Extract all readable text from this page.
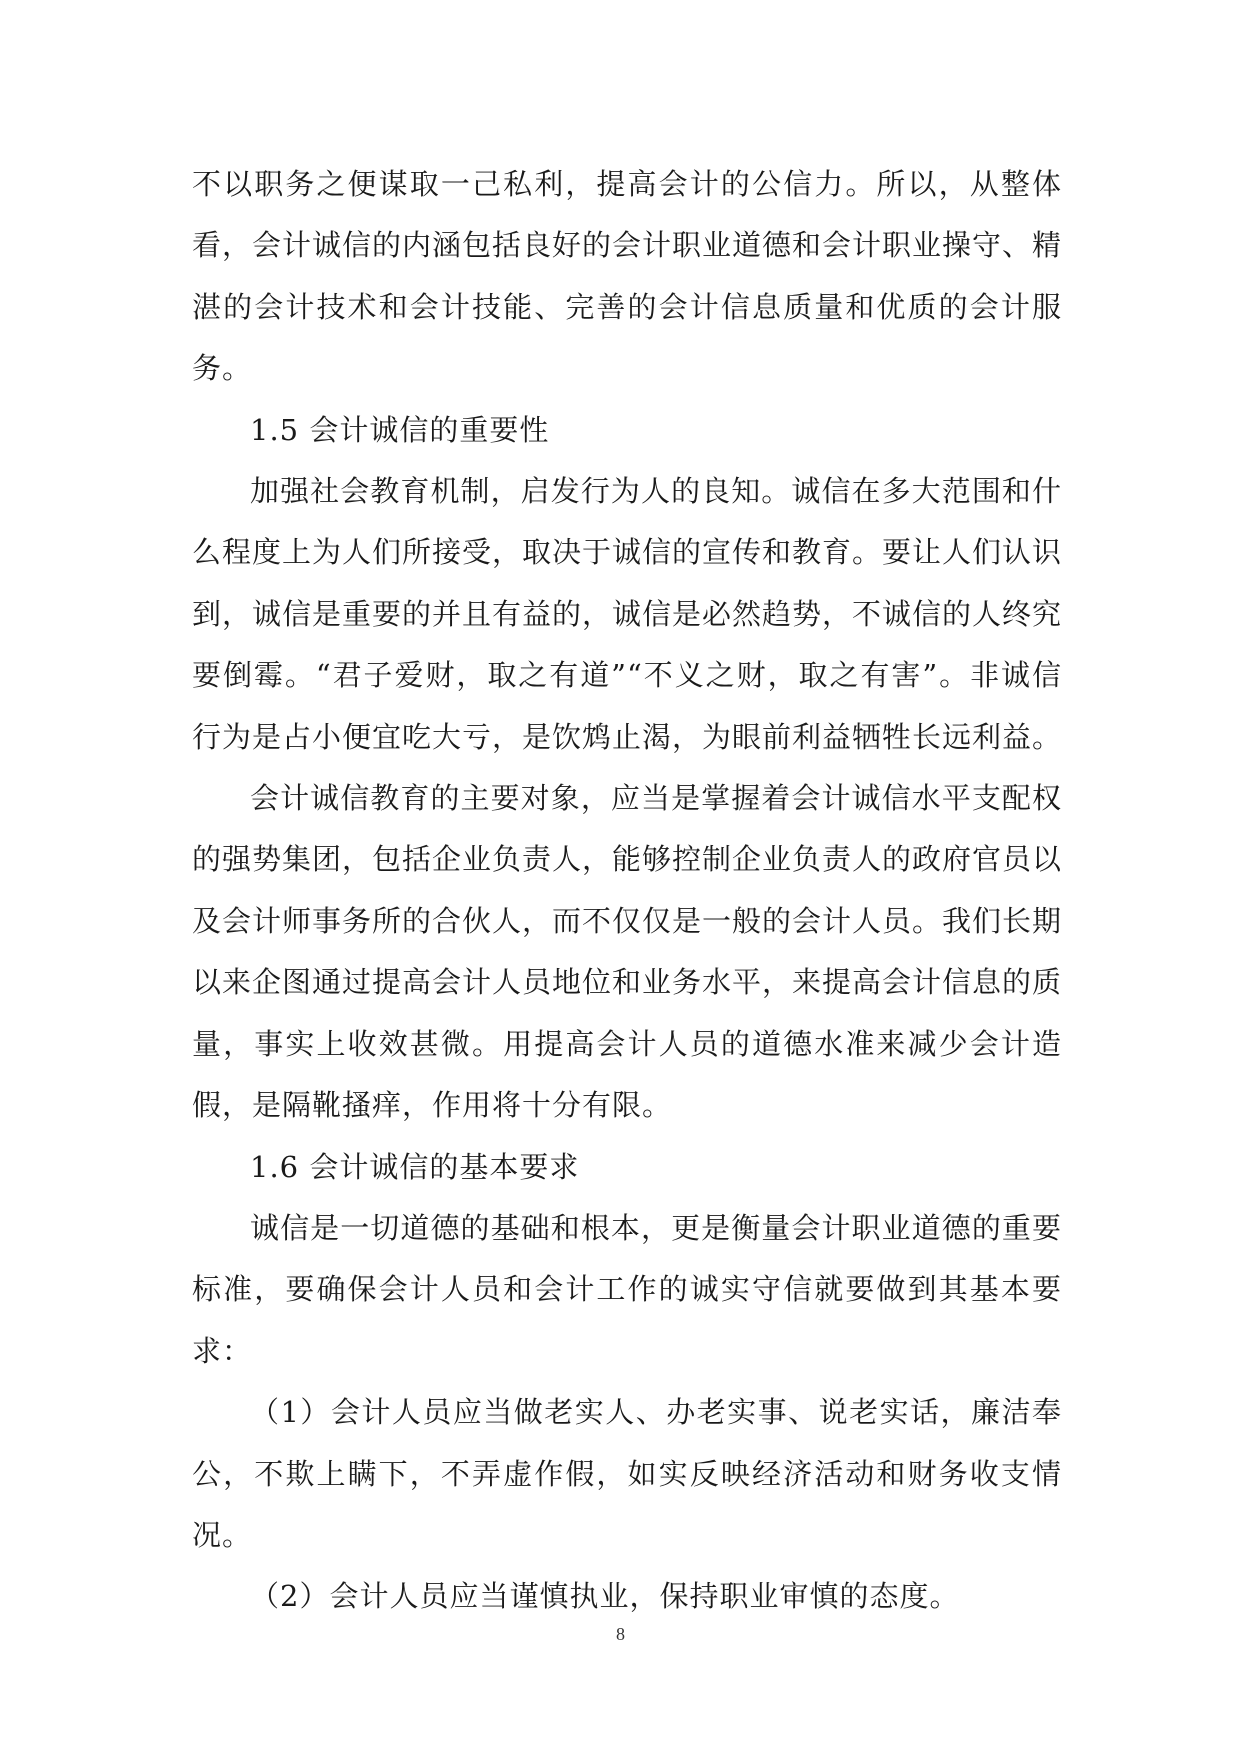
不以职务之便谋取一己私利，提高会计的公信力。所以，从整体看，会计诚信的内涵包括良好的会计职业道德和会计职业操守、精湛的会计技术和会计技能、完善的会计信息质量和优质的会计服务。

1.5 会计诚信的重要性

加强社会教育机制，启发行为人的良知。诚信在多大范围和什么程度上为人们所接受，取决于诚信的宣传和教育。要让人们认识到，诚信是重要的并且有益的，诚信是必然趋势，不诚信的人终究要倒霉。“君子爱财，取之有道”“不义之财，取之有害”。非诚信行为是占小便宜吃大亏，是饮鸩止渴，为眼前利益牺牲长远利益。

会计诚信教育的主要对象，应当是掌握着会计诚信水平支配权的强势集团，包括企业负责人，能够控制企业负责人的政府官员以及会计师事务所的合伙人，而不仅仅是一般的会计人员。我们长期以来企图通过提高会计人员地位和业务水平，来提高会计信息的质量，事实上收效甚微。用提高会计人员的道德水准来减少会计造假，是隔靴搔痒，作用将十分有限。

1.6 会计诚信的基本要求

诚信是一切道德的基础和根本，更是衡量会计职业道德的重要标准，要确保会计人员和会计工作的诚实守信就要做到其基本要求：

（1）会计人员应当做老实人、办老实事、说老实话，廉洁奉公，不欺上瞒下，不弄虚作假，如实反映经济活动和财务收支情况。

（2）会计人员应当谨慎执业，保持职业审慎的态度。

8
